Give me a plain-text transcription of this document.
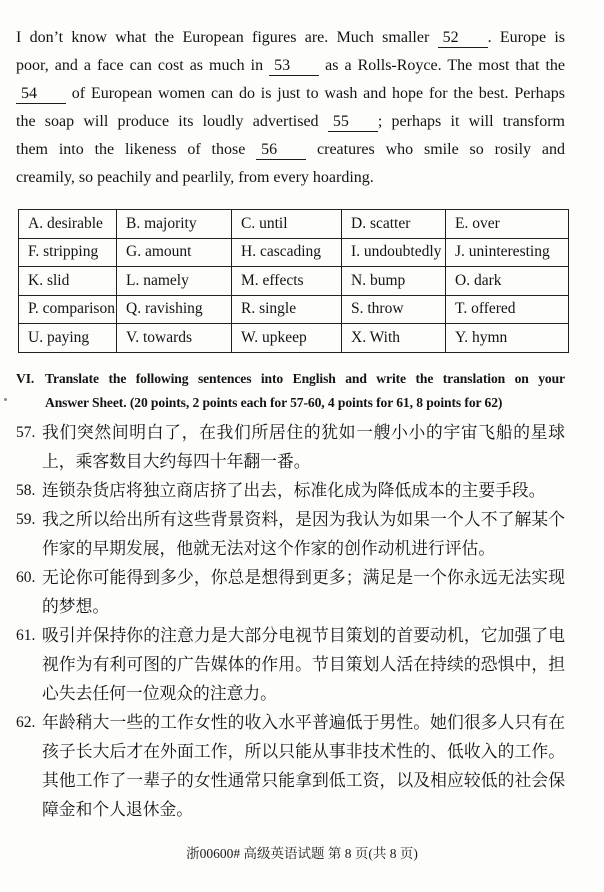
I don’t know what the European figures are. Much smaller 52 . Europe is
poor, and a face can cost as much in 53 as a Rolls-Royce. The most that the
54 of European women can do is just to wash and hope for the best. Perhaps
the soap will produce its loudly advertised 55 ; perhaps it will transform
them into the likeness of those 56 creatures who smile so rosily and
creamily, so peachily and pearlily, from every hoarding.
A. desirable	B. majority	C. until	D. scatter	E. over
F. stripping	G. amount	H. cascading	I. undoubtedly	J. uninteresting
K. slid	L. namely	M. effects	N. bump	O. dark
P. comparison	Q. ravishing	R. single	S. throw	T. offered
U. paying	V. towards	W. upkeep	X. With	Y. hymn
VI. Translate the following sentences into English and write the translation on your
Answer Sheet. (20 points, 2 points each for 57-60, 4 points for 61, 8 points for 62)
57. 我们突然间明白了，在我们所居住的犹如一艘小小的宇宙飞船的星球上，乘客数目大约每四十年翻一番。
58. 连锁杂货店将独立商店挤了出去，标准化成为降低成本的主要手段。
59. 我之所以给出所有这些背景资料，是因为我认为如果一个人不了解某个作家的早期发展，他就无法对这个作家的创作动机进行评估。
60. 无论你可能得到多少，你总是想得到更多；满足是一个你永远无法实现的梦想。
61. 吸引并保持你的注意力是大部分电视节目策划的首要动机，它加强了电视作为有利可图的广告媒体的作用。节目策划人活在持续的恐惧中，担心失去任何一位观众的注意力。
62. 年龄稍大一些的工作女性的收入水平普遍低于男性。她们很多人只有在孩子长大后才在外面工作，所以只能从事非技术性的、低收入的工作。其他工作了一辈子的女性通常只能拿到低工资，以及相应较低的社会保障金和个人退休金。
浙00600# 高级英语试题 第 8 页(共 8 页)
